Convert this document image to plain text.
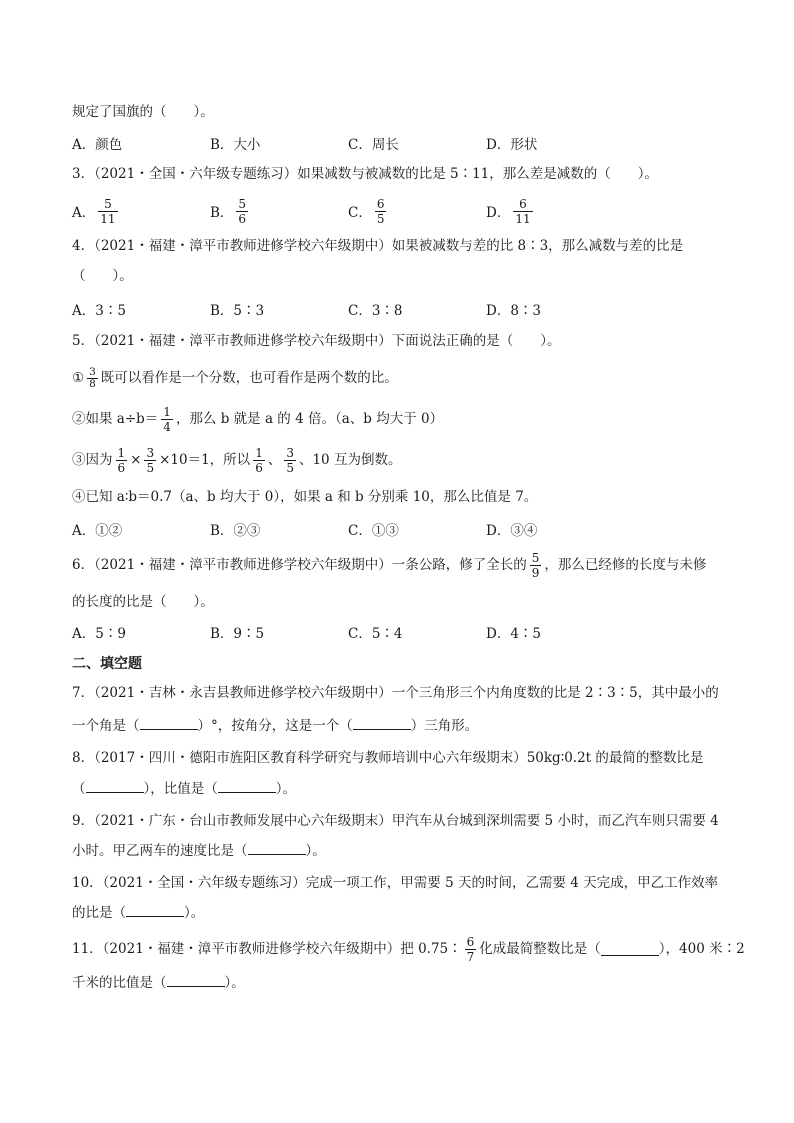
规定了国旗的（　　）。
A．颜色	B．大小	C．周长	D．形状
3．（2021・全国・六年级专题练习）如果减数与被减数的比是 5∶11，那么差是减数的（　　）。
A． $\frac{5}{11}$	B． $\frac{5}{6}$	C． $\frac{6}{5}$	D． $\frac{6}{11}$
4．（2021・福建・漳平市教师进修学校六年级期中）如果被减数与差的比 8∶3，那么减数与差的比是
（　　）。
A．3∶5	B．5∶3	C．3∶8	D．8∶3
5．（2021・福建・漳平市教师进修学校六年级期中）下面说法正确的是（　　）。
① $\frac{3}{8}$ 既可以看作是一个分数，也可看作是两个数的比。
②如果 $a\div b= \frac{1}{4}$ ，那么 b 就是 a 的 4 倍。（a、b 均大于 0）
③因为 $\frac{1}{6} \times \frac{3}{5} \times 10=1$，所以 $\frac{1}{6}$ 、 $\frac{3}{5}$ 、10 互为倒数。
④已知 a∶b＝0.7（a、b 均大于 0），如果 a 和 b 分别乘 10，那么比值是 7。
A．①②	B．②③	C．①③	D．③④
6．（2021・福建・漳平市教师进修学校六年级期中）一条公路，修了全长的 $\frac{5}{9}$ ，那么已经修的长度与未修
的长度的比是（　　）。
A．5∶9	B．9∶5	C．5∶4	D．4∶5
二、填空题
7．（2021・吉林・永吉县教师进修学校六年级期中）一个三角形三个内角度数的比是 2∶3∶5，其中最小的
一个角是（	）°，按角分，这是一个（	）三角形。
8．（2017・四川・德阳市旌阳区教育科学研究与教师培训中心六年级期末）50kg∶0.2t 的最简的整数比是
（	），比值是（	）。
9．（2021・广东・台山市教师发展中心六年级期末）甲汽车从台城到深圳需要 5 小时，而乙汽车则只需要 4
小时。甲乙两车的速度比是（	）。
10．（2021・全国・六年级专题练习）完成一项工作，甲需要 5 天的时间，乙需要 4 天完成，甲乙工作效率
的比是（	）。
11．（2021・福建・漳平市教师进修学校六年级期中）把 0.75∶ $\frac{6}{7}$ 化成最简整数比是（	），400 米∶2
千米的比值是（	）。
